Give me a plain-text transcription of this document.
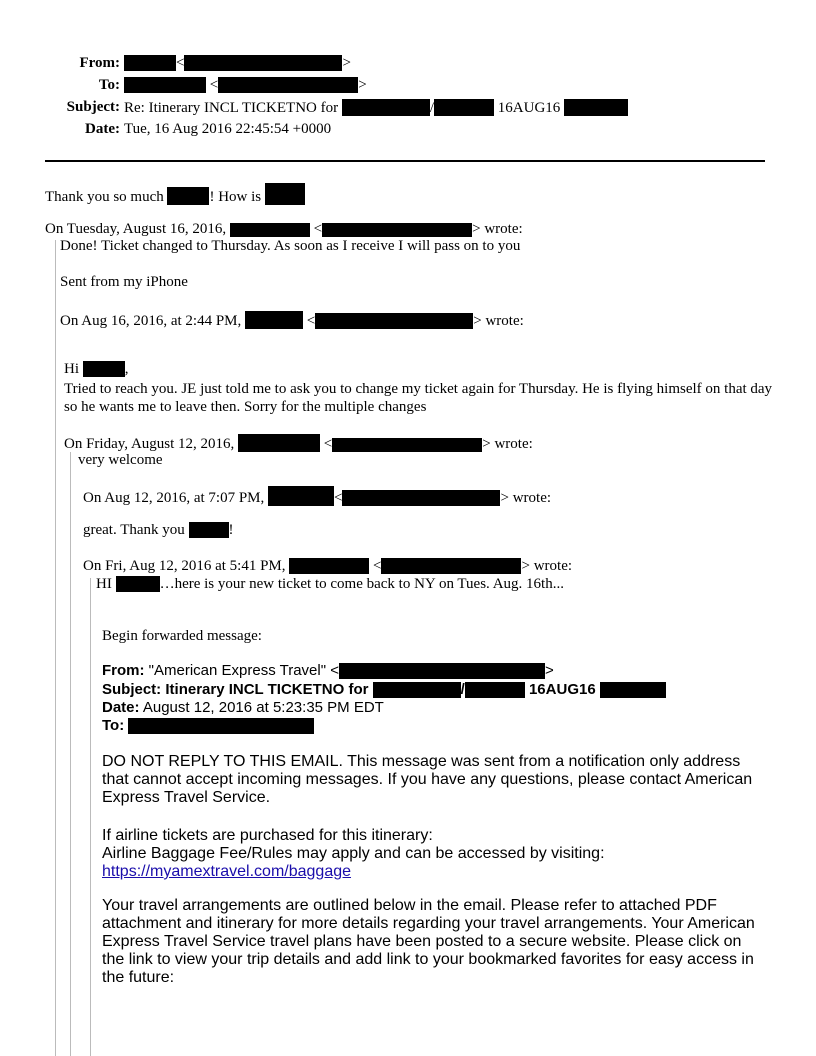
From:	<	>
To:	<	>
Subject: Re: Itinerary INCL TICKETNO for	/	16AUG16
Date: Tue, 16 Aug 2016 22:45:54 +0000
Thank you so much	! How is
On Tuesday, August 16, 2016,	<	> wrote:
Done! Ticket changed to Thursday. As soon as I receive I will pass on to you
Sent from my iPhone
On Aug 16, 2016, at 2:44 PM,	<	> wrote:
Hi	,
Tried to reach you. JE just told me to ask you to change my ticket again for Thursday. He is flying himself on that day so he wants me to leave then. Sorry for the multiple changes
On Friday, August 12, 2016,	<	> wrote:
very welcome
On Aug 12, 2016, at 7:07 PM,	<	> wrote:
great. Thank you	!
On Fri, Aug 12, 2016 at 5:41 PM,	<	> wrote:
HI	…here is your new ticket to come back to NY on Tues. Aug. 16th...
Begin forwarded message:
From: "American Express Travel" <	>
Subject: Itinerary INCL TICKETNO for	/	16AUG16
Date: August 12, 2016 at 5:23:35 PM EDT
To:
DO NOT REPLY TO THIS EMAIL. This message was sent from a notification only address that cannot accept incoming messages. If you have any questions, please contact American Express Travel Service.
If airline tickets are purchased for this itinerary:
Airline Baggage Fee/Rules may apply and can be accessed by visiting:
https://myamextravel.com/baggage
Your travel arrangements are outlined below in the email. Please refer to attached PDF attachment and itinerary for more details regarding your travel arrangements. Your American Express Travel Service travel plans have been posted to a secure website. Please click on the link to view your trip details and add link to your bookmarked favorites for easy access in the future:
